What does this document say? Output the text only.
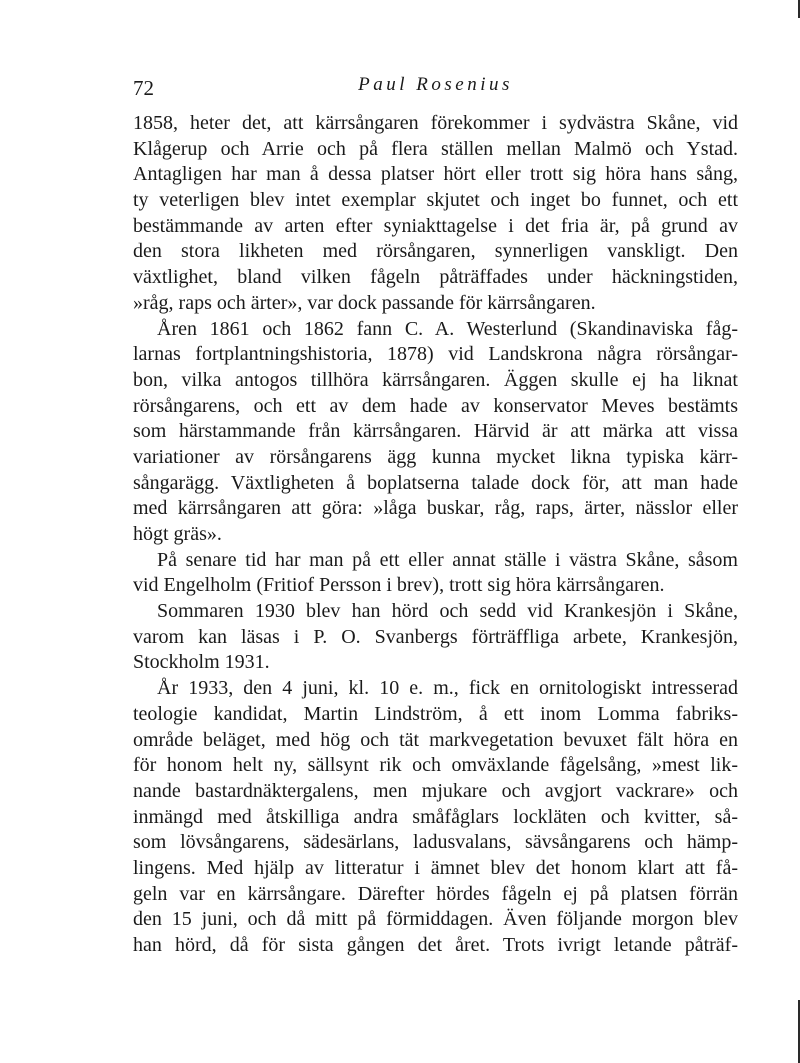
72	Paul Rosenius
1858, heter det, att kärrsångaren förekommer i sydvästra Skåne, vid
Klågerup och Arrie och på flera ställen mellan Malmö och Ystad.
Antagligen har man å dessa platser hört eller trott sig höra hans sång,
ty veterligen blev intet exemplar skjutet och inget bo funnet, och ett
bestämmande av arten efter syniakttagelse i det fria är, på grund av
den stora likheten med rörsångaren, synnerligen vanskligt. Den
växtlighet, bland vilken fågeln påträffades under häckningstiden,
»råg, raps och ärter», var dock passande för kärrsångaren.
Åren 1861 och 1862 fann C. A. Westerlund (Skandinaviska fåg-
larnas fortplantningshistoria, 1878) vid Landskrona några rörsångar-
bon, vilka antogos tillhöra kärrsångaren. Äggen skulle ej ha liknat
rörsångarens, och ett av dem hade av konservator Meves bestämts
som härstammande från kärrsångaren. Härvid är att märka att vissa
variationer av rörsångarens ägg kunna mycket likna typiska kärr-
sångarägg. Växtligheten å boplatserna talade dock för, att man hade
med kärrsångaren att göra: »låga buskar, råg, raps, ärter, nässlor eller
högt gräs».
På senare tid har man på ett eller annat ställe i västra Skåne, såsom
vid Engelholm (Fritiof Persson i brev), trott sig höra kärrsångaren.
Sommaren 1930 blev han hörd och sedd vid Krankesjön i Skåne,
varom kan läsas i P. O. Svanbergs förträffliga arbete, Krankesjön,
Stockholm 1931.
År 1933, den 4 juni, kl. 10 e. m., fick en ornitologiskt intresserad
teologie kandidat, Martin Lindström, å ett inom Lomma fabriks-
område beläget, med hög och tät markvegetation bevuxet fält höra en
för honom helt ny, sällsynt rik och omväxlande fågelsång, »mest lik-
nande bastardnäktergalens, men mjukare och avgjort vackrare» och
inmängd med åtskilliga andra småfåglars lockläten och kvitter, så-
som lövsångarens, sädesärlans, ladusvalans, sävsångarens och hämp-
lingens. Med hjälp av litteratur i ämnet blev det honom klart att få-
geln var en kärrsångare. Därefter hördes fågeln ej på platsen förrän
den 15 juni, och då mitt på förmiddagen. Även följande morgon blev
han hörd, då för sista gången det året. Trots ivrigt letande påträf-
